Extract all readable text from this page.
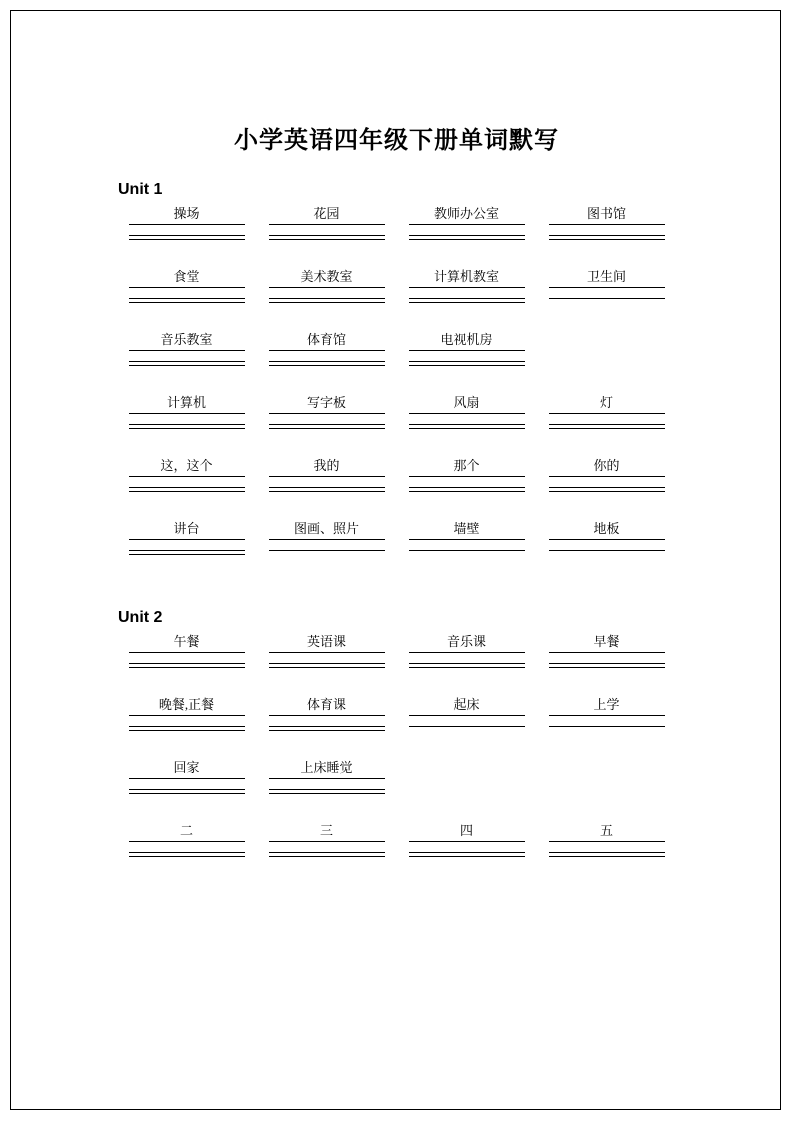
小学英语四年级下册单词默写
Unit 1
操场	花园	教师办公室	图书馆
食堂	美术教室	计算机教室	卫生间
音乐教室	体育馆	电视机房
计算机	写字板	风扇	灯
这，这个	我的	那个	你的
讲台	图画、照片	墙壁	地板
Unit 2
午餐	英语课	音乐课	早餐
晚餐,正餐	体育课	起床	上学
回家	上床睡觉
二	三	四	五
